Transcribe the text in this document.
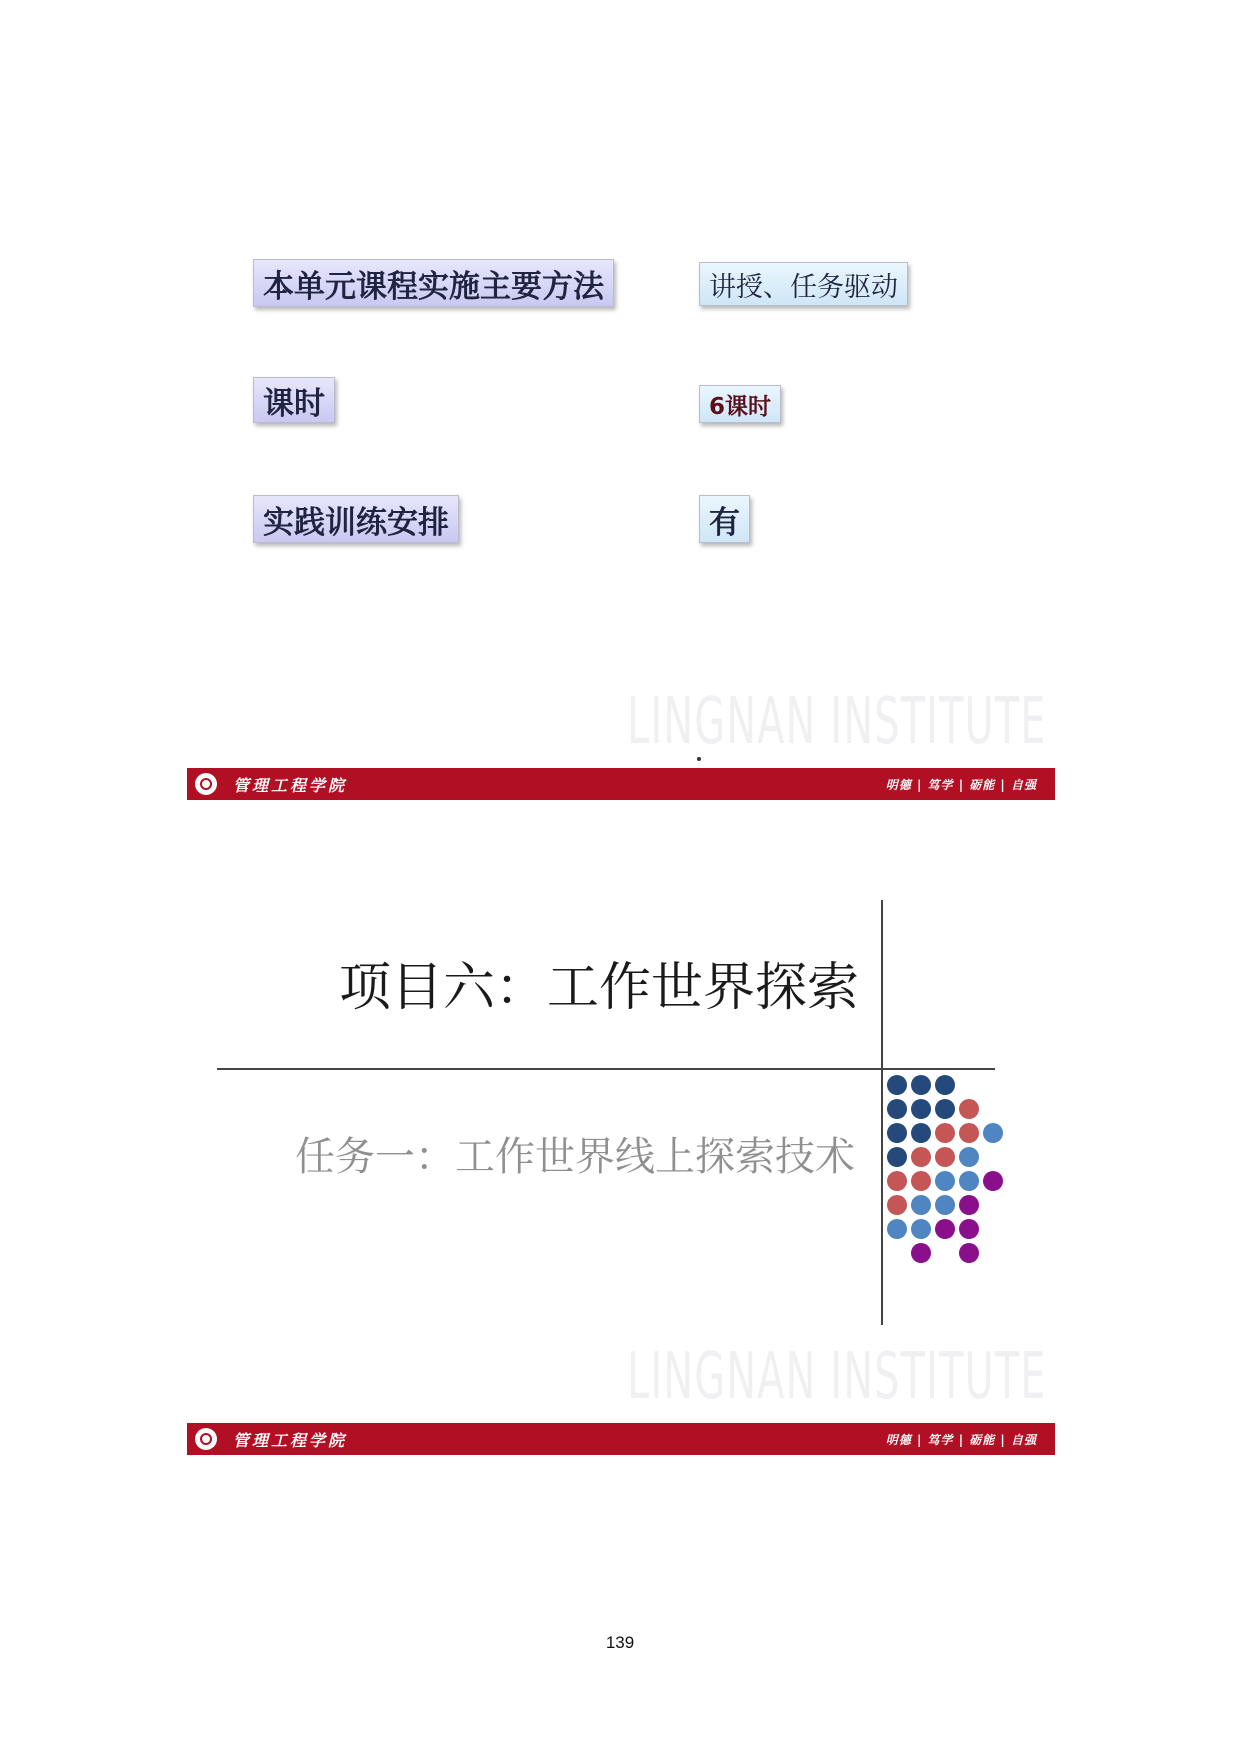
本单元课程实施主要方法	讲授、任务驱动
课时	6课时
实践训练安排	有
LINGNAN INSTITUTE
管理工程学院	明德 | 笃学 | 砺能 | 自强
项目六：工作世界探索
任务一：工作世界线上探索技术
LINGNAN INSTITUTE
管理工程学院	明德 | 笃学 | 砺能 | 自强
139
